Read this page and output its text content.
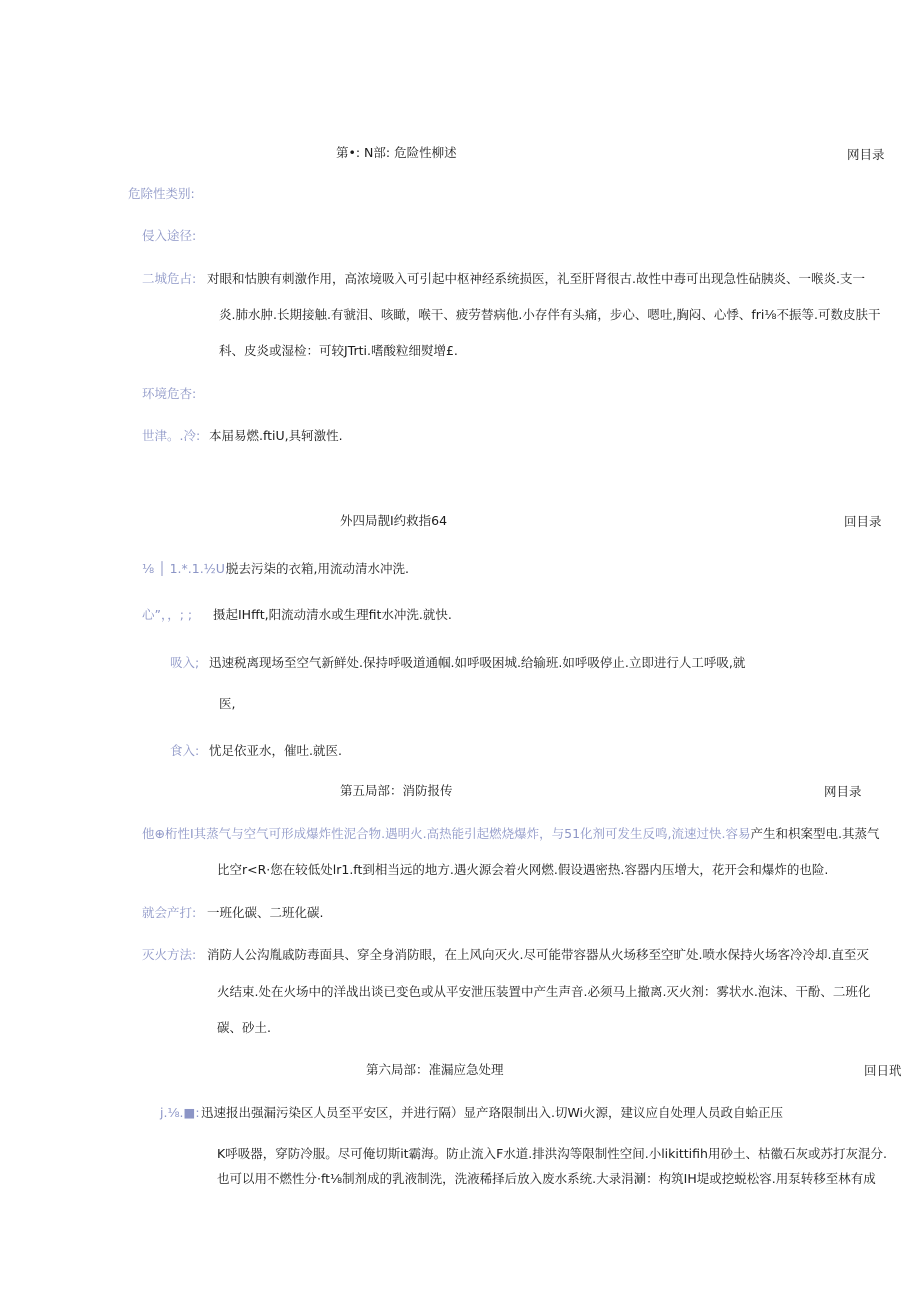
第•: N部: 危险性柳述	网目录
危除性类别:
侵入途径:
二城危占: 对眼和怙腴有刺激作用，高浓境吸入可引起中枢神经系统损医，礼至肝肾很古.故性中毒可出现急性砧胰炎、一喉炎.支一
炎.肺水肿.长期接触.有虢泪、咳瞰，喉干、疲劳替病他.小存伴有头痛，步心、嗯吐,胸闷、心悸、fri⅛不振等.可数皮肤干
科、皮炎或湿检：可较JTrti.嗜酸粒细熨增£.
环境危杏:
世津。.冷: 本届易燃.ftiU,具轲激性.
外四局靓I约救指64	回目录
⅛ │ 1.*.1.½U:
脱去污柒的衣箱,用流动清水冲洗.
心”，，; ; 摄起IHfft,阳流动清水或生理fit水冲洗.就快.
吸入; 迅速税离现场至空气新鲜处.保持呼吸道通帼.如呼吸困城.给输班.如呼吸停止.立即进行人工呼吸,就
医,
食入: 忧足依亚水，催吐.就医.
第五局部：消防报传	网目录
他⊕桁性I其蒸气与空气可形成爆炸性泥合物.遇明火.高热能引起燃烧爆炸，与51化剂可发生反鸣,流速过快.容易产生和枳案型电.其蒸气
比空r<R·您在较低处lr1.ft到相当远的地方.遇火源会着火网燃.假设遇密热.容器内压增大，花开会和爆炸的也险.
就会产打: 一班化碳、二班化碳.
灭火方法: 消防人公沟胤戚防毒面具、穿全身消防眼，在上风向灭火.尽可能带容器从火场移至空旷处.喷水保持火场客冷冷却.直至灭
火结束.处在火场中的洋战出谈已变色或从平安泄压装置中产生声音.必须马上撤离.灭火剂：雾状水.泡沫、干酚、二班化
碳、砂土.
第六局部：准漏应急处理	回日玳
j.⅛.■: 迅速报出强漏污染区人员至平安区，并进行隔）显产珞限制出入.切Wi火源，建议应自处理人员政自蛤正压
K呼吸器，穿防冷服。尽可俺切斯it霸海。防止流入F水道.排洪沟等限制性空间.小likittifih用砂土、枯徽石灰或苏打灰混分.
也可以用不燃性分·ft⅛制剂成的乳液制洗，洗液稀择后放入废水系统.大录涓涮：构筑IH堤或挖蜕松容.用泵转移至林有成
